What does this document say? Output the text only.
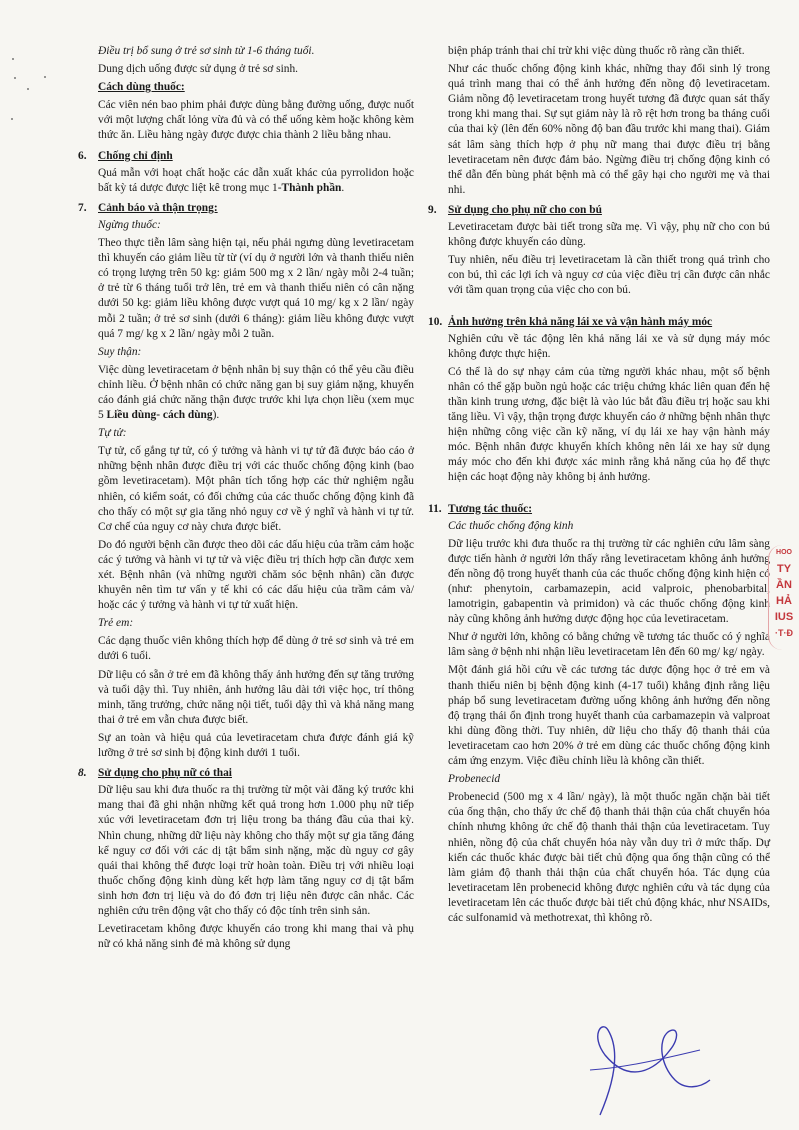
Điều trị bổ sung ở trẻ sơ sinh từ 1-6 tháng tuổi.

Dung dịch uống được sử dụng ở trẻ sơ sinh.

Cách dùng thuốc:

Các viên nén bao phim phải được dùng bằng đường uống, được nuốt với một lượng chất lỏng vừa đủ và có thể uống kèm hoặc không kèm thức ăn. Liều hàng ngày được được chia thành 2 liều bằng nhau.

6. Chống chỉ định

Quá mẫn với hoạt chất hoặc các dẫn xuất khác của pyrrolidon hoặc bất kỳ tá dược được liệt kê trong mục 1-Thành phần.

7. Cảnh báo và thận trọng:

Ngừng thuốc:

Theo thực tiễn lâm sàng hiện tại, nếu phải ngưng dùng levetiracetam thì khuyến cáo giảm liều từ từ (ví dụ ở người lớn và thanh thiếu niên có trọng lượng trên 50 kg: giảm 500 mg x 2 lần/ ngày mỗi 2-4 tuần; ở trẻ từ 6 tháng tuổi trở lên, trẻ em và thanh thiếu niên có cân nặng dưới 50 kg: giảm liều không được vượt quá 10 mg/ kg x 2 lần/ ngày mỗi 2 tuần; ở trẻ sơ sinh (dưới 6 tháng): giảm liều không được vượt quá 7 mg/ kg x 2 lần/ ngày mỗi 2 tuần.

Suy thận:

Việc dùng levetiracetam ở bệnh nhân bị suy thận có thể yêu cầu điều chỉnh liều. Ở bệnh nhân có chức năng gan bị suy giảm nặng, khuyến cáo đánh giá chức năng thận được trước khi lựa chọn liều (xem mục 5 Liều dùng- cách dùng).

Tự tử:

Tự tử, cố gắng tự tử, có ý tưởng và hành vi tự tử đã được báo cáo ở những bệnh nhân được điều trị với các thuốc chống động kinh (bao gồm levetiracetam). Một phân tích tổng hợp các thử nghiệm ngẫu nhiên, có kiểm soát, có đối chứng của các thuốc chống động kinh đã cho thấy có một sự gia tăng nhỏ nguy cơ về ý nghĩ và hành vi tự tử. Cơ chế của nguy cơ này chưa được biết.

Do đó người bệnh cần được theo dõi các dấu hiệu của trầm cảm hoặc các ý tưởng và hành vi tự tử và việc điều trị thích hợp cần được xem xét. Bệnh nhân (và những người chăm sóc bệnh nhân) cần được khuyên nên tìm tư vấn y tế khi có các dấu hiệu của trầm cảm và/ hoặc các ý tưởng và hành vi tự tử xuất hiện.

Trẻ em:

Các dạng thuốc viên không thích hợp để dùng ở trẻ sơ sinh và trẻ em dưới 6 tuổi.

Dữ liệu có sẵn ở trẻ em đã không thấy ảnh hưởng đến sự tăng trưởng và tuổi dậy thì. Tuy nhiên, ảnh hưởng lâu dài tới việc học, trí thông minh, tăng trưởng, chức năng nội tiết, tuổi dậy thì và khả năng mang thai ở trẻ em vẫn chưa được biết.

Sự an toàn và hiệu quả của levetiracetam chưa được đánh giá kỹ lưỡng ở trẻ sơ sinh bị động kinh dưới 1 tuổi.

8. Sử dụng cho phụ nữ có thai

Dữ liệu sau khi đưa thuốc ra thị trường từ một vài đăng ký trước khi mang thai đã ghi nhận những kết quả trong hơn 1.000 phụ nữ tiếp xúc với levetiracetam đơn trị liệu trong ba tháng đầu của thai kỳ. Nhìn chung, những dữ liệu này không cho thấy một sự gia tăng đáng kể nguy cơ đối với các dị tật bẩm sinh nặng, mặc dù nguy cơ gây quái thai không thể được loại trừ hoàn toàn. Điều trị với nhiều loại thuốc chống động kinh dùng kết hợp làm tăng nguy cơ dị tật bẩm sinh hơn đơn trị liệu và do đó đơn trị liệu nên được cân nhắc. Các nghiên cứu trên động vật cho thấy có độc tính trên sinh sản.

Levetiracetam không được khuyến cáo trong khi mang thai và phụ nữ có khả năng sinh đẻ mà không sử dụng

biện pháp tránh thai chỉ trừ khi việc dùng thuốc rõ ràng cần thiết.

Như các thuốc chống động kinh khác, những thay đổi sinh lý trong quá trình mang thai có thể ảnh hưởng đến nồng độ levetiracetam. Giảm nồng độ levetiracetam trong huyết tương đã được quan sát thấy trong khi mang thai. Sự sụt giảm này là rõ rệt hơn trong ba tháng cuối của thai kỳ (lên đến 60% nồng độ ban đầu trước khi mang thai). Giám sát lâm sàng thích hợp ở phụ nữ mang thai được điều trị bằng levetiracetam nên được đảm bảo. Ngừng điều trị chống động kinh có thể dẫn đến bùng phát bệnh mà có thể gây hại cho người mẹ và thai nhi.

9. Sử dụng cho phụ nữ cho con bú

Levetiracetam được bài tiết trong sữa mẹ. Vì vậy, phụ nữ cho con bú không được khuyến cáo dùng.

Tuy nhiên, nếu điều trị levetiracetam là cần thiết trong quá trình cho con bú, thì các lợi ích và nguy cơ của việc điều trị cần được cân nhắc với tầm quan trọng của việc cho con bú.

10. Ảnh hưởng trên khả năng lái xe và vận hành máy móc

Nghiên cứu về tác động lên khả năng lái xe và sử dụng máy móc không được thực hiện.

Có thể là do sự nhạy cảm của từng người khác nhau, một số bệnh nhân có thể gặp buồn ngủ hoặc các triệu chứng khác liên quan đến hệ thần kinh trung ương, đặc biệt là vào lúc bắt đầu điều trị hoặc sau khi tăng liều. Vì vậy, thận trọng được khuyến cáo ở những bệnh nhân thực hiện những công việc cần kỹ năng, ví dụ lái xe hay vận hành máy móc. Bệnh nhân được khuyến khích không nên lái xe hay sử dụng máy móc cho đến khi được xác minh rằng khả năng của họ để thực hiện các hoạt động này không bị ảnh hưởng.

11. Tương tác thuốc:

Các thuốc chống động kinh

Dữ liệu trước khi đưa thuốc ra thị trường từ các nghiên cứu lâm sàng được tiến hành ở người lớn thấy rằng levetiracetam không ảnh hưởng đến nồng độ trong huyết thanh của các thuốc chống động kinh hiện có (như: phenytoin, carbamazepin, acid valproic, phenobarbital, lamotrigin, gabapentin và primidon) và các thuốc chống động kinh này cũng không ảnh hưởng dược động học của levetiracetam.

Như ở người lớn, không có bằng chứng về tương tác thuốc có ý nghĩa lâm sàng ở bệnh nhi nhận liều levetiracetam lên đến 60 mg/ kg/ ngày.

Một đánh giá hồi cứu về các tương tác dược động học ở trẻ em và thanh thiếu niên bị bệnh động kinh (4-17 tuổi) khẳng định rằng liệu pháp bổ sung levetiracetam đường uống không ảnh hưởng đến nồng độ trạng thái ổn định trong huyết thanh của carbamazepin và valproat khi dùng đồng thời. Tuy nhiên, dữ liệu cho thấy độ thanh thải của levetiracetam cao hơn 20% ở trẻ em dùng các thuốc chống động kinh cảm ứng enzym. Việc điều chỉnh liều là không cần thiết.

Probenecid

Probenecid (500 mg x 4 lần/ ngày), là một thuốc ngăn chặn bài tiết của ống thận, cho thấy ức chế độ thanh thải thận của chất chuyển hóa chính nhưng không ức chế độ thanh thải thận của levetiracetam. Tuy nhiên, nồng độ của chất chuyển hóa này vẫn duy trì ở mức thấp. Dự kiến các thuốc khác được bài tiết chủ động qua ống thận cũng có thể làm giảm độ thanh thải thận của chất chuyển hóa. Tác dụng của levetiracetam lên probenecid không được nghiên cứu và tác dụng của levetiracetam lên các thuốc được bài tiết chủ động khác, như NSAIDs, các sulfonamid và methotrexat, thì không rõ.

HOO
TY
ẦN
HẢ
IUS
·T·Đ
